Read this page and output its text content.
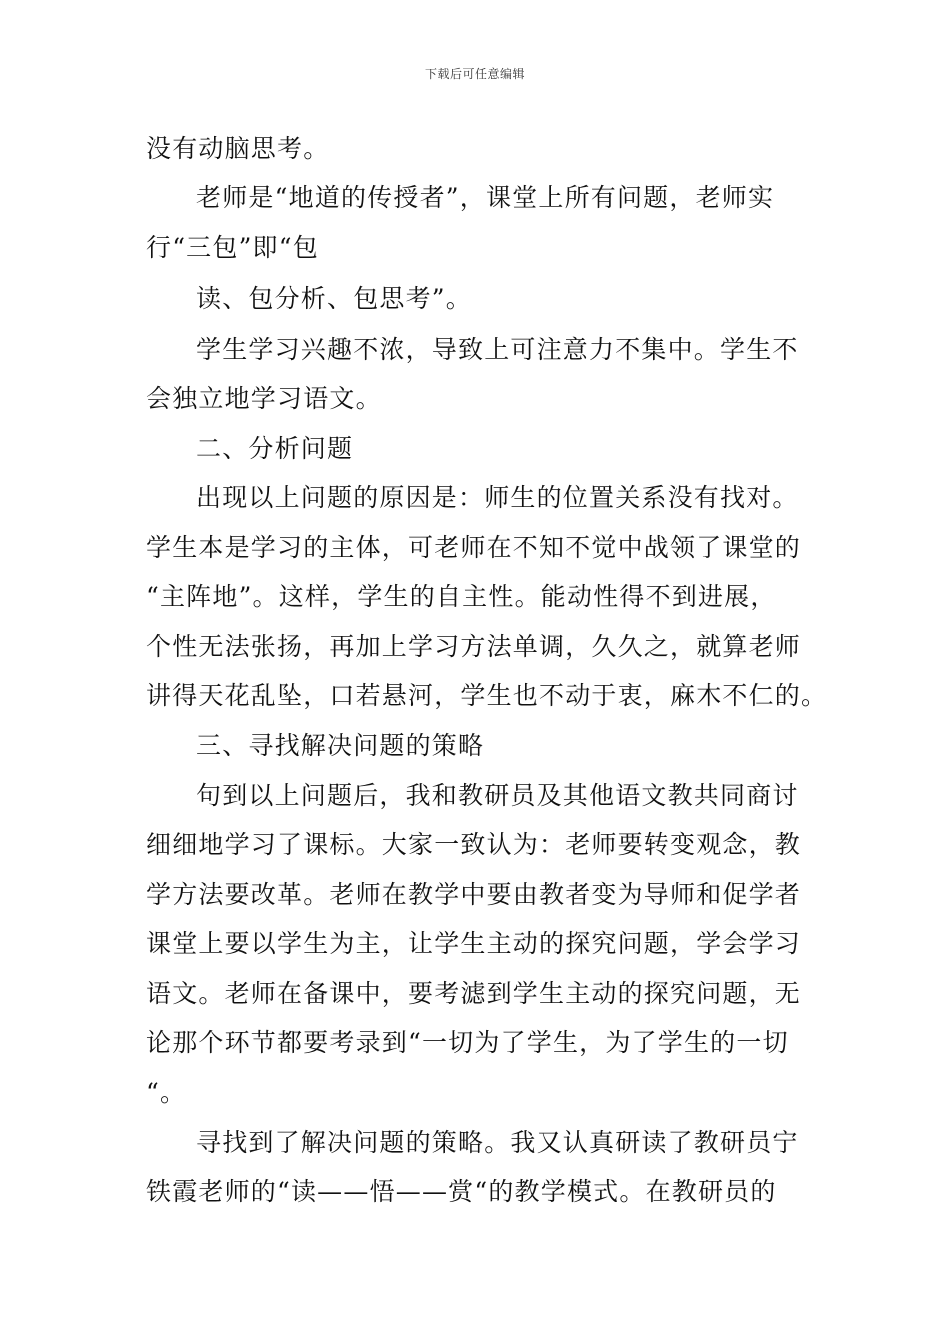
下载后可任意编辑
没有动脑思考。
老师是“地道的传授者”，课堂上所有问题，老师实
行“三包”即“包
读、包分析、包思考”。
学生学习兴趣不浓，导致上可注意力不集中。学生不
会独立地学习语文。
二、分析问题
出现以上问题的原因是：师生的位置关系没有找对。
学生本是学习的主体，可老师在不知不觉中战领了课堂的
“主阵地”。这样，学生的自主性。能动性得不到进展，
个性无法张扬，再加上学习方法单调，久久之，就算老师
讲得天花乱坠，口若悬河，学生也不动于衷，麻木不仁的。
三、寻找解决问题的策略
句到以上问题后，我和教研员及其他语文教共同商讨
细细地学习了课标。大家一致认为：老师要转变观念，教
学方法要改革。老师在教学中要由教者变为导师和促学者
课堂上要以学生为主，让学生主动的探究问题，学会学习
语文。老师在备课中，要考滤到学生主动的探究问题，无
论那个环节都要考录到“一切为了学生，为了学生的一切
“。
寻找到了解决问题的策略。我又认真研读了教研员宁
铁霞老师的“读——悟——赏“的教学模式。在教研员的
